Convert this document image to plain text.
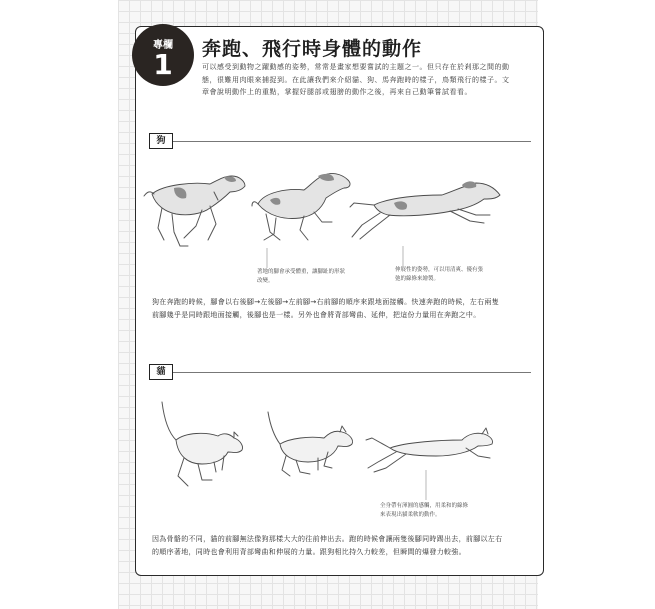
專欄
1	奔跑、飛行時身體的動作
可以感受到動物之躍動感的姿勢，常常是畫家想要嘗試的主題之一。但只存在於剎那之間的動態，很難用肉眼來捕捉到。在此讓我們來介紹貓、狗、馬奔跑時的樣子，鳥類飛行的樣子。文章會說明動作上的重點，掌握好腿部或翅膀的動作之後，再來自己動筆嘗試看看。
狗
著地的腳會承受體重，讓腳趾的形狀改變。
伸展性的姿勢，可以用清爽、優有張弛的線條來繪製。
狗在奔跑的時候，腳會以右後腳→左後腳→左前腳→右前腳的順序來跟地面接觸。快速奔跑的時候，左右兩隻前腳幾乎是同時跟地面接觸，後腳也是一樣。另外也會將背部彎曲、延伸，把這份力量用在奔跑之中。
貓
全身帶有渾圓的感觸，用柔和的線條來表現出貓柔軟的動作。
因為骨骼的不同，貓的前腳無法像狗那樣大大的往前伸出去。跑的時候會讓兩隻後腳同時踢出去，前腳以左右的順序著地，同時也會利用背部彎曲和伸展的力量。跟狗相比持久力較差，但瞬間的爆發力較強。
